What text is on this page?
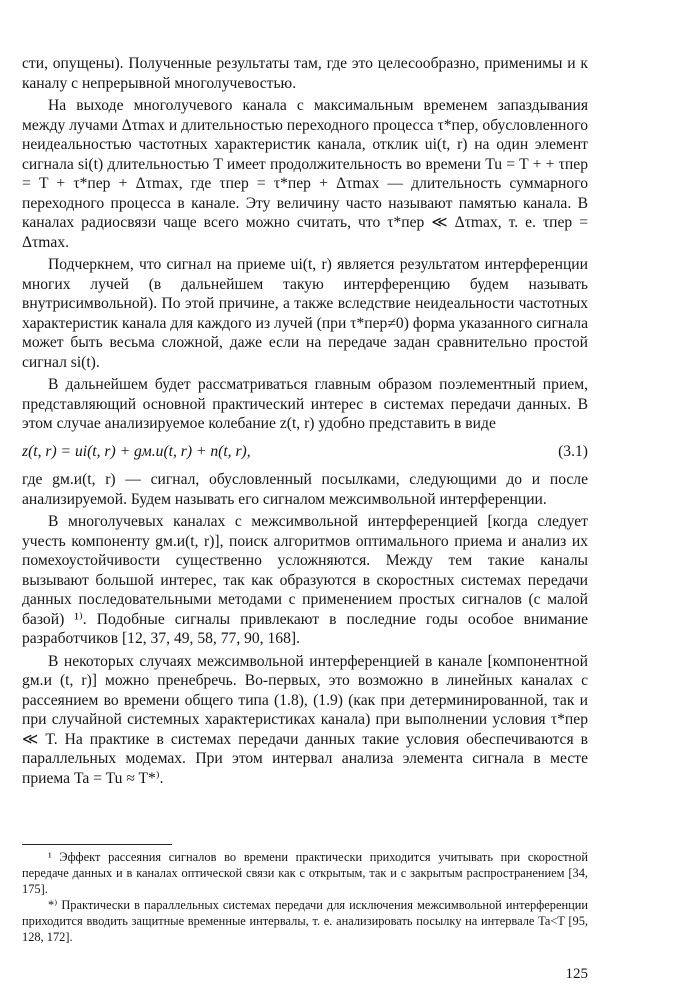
сти, опущены). Полученные результаты там, где это целесообразно, применимы и к каналу с непрерывной многолучевостью.

На выходе многолучевого канала с максимальным временем запаздывания между лучами Δτmax и длительностью переходного процесса τ*пер, обусловленного неидеальностью частотных характеристик канала, отклик ui(t, r) на один элемент сигнала si(t) длительностью T имеет продолжительность во времени Tu = T + + τпер = T + τ*пер + Δτmax, где τпер = τ*пер + Δτmax — длительность суммарного переходного процесса в канале. Эту величину часто называют памятью канала. В каналах радиосвязи чаще всего можно считать, что τ*пер ≪ Δτmax, т. е. τпер = Δτmax.

Подчеркнем, что сигнал на приеме ui(t, r) является результатом интерференции многих лучей (в дальнейшем такую интерференцию будем называть внутрисимвольной). По этой причине, а также вследствие неидеальности частотных характеристик канала для каждого из лучей (при τ*пер≠0) форма указанного сигнала может быть весьма сложной, даже если на передаче задан сравнительно простой сигнал si(t).

В дальнейшем будет рассматриваться главным образом поэлементный прием, представляющий основной практический интерес в системах передачи данных. В этом случае анализируемое колебание z(t, r) удобно представить в виде

z(t, r) = ui(t, r) + gм.и(t, r) + n(t, r),	(3.1)

где gм.и(t, r) — сигнал, обусловленный посылками, следующими до и после анализируемой. Будем называть его сигналом межсимвольной интерференции.

В многолучевых каналах с межсимвольной интерференцией [когда следует учесть компоненту gм.и(t, r)], поиск алгоритмов оптимального приема и анализ их помехоустойчивости существенно усложняются. Между тем такие каналы вызывают большой интерес, так как образуются в скоростных системах передачи данных последовательными методами с применением простых сигналов (с малой базой) ¹⁾. Подобные сигналы привлекают в последние годы особое внимание разработчиков [12, 37, 49, 58, 77, 90, 168].

В некоторых случаях межсимвольной интерференцией в канале [компонентной gм.и (t, r)] можно пренебречь. Во-первых, это возможно в линейных каналах с рассеянием во времени общего типа (1.8), (1.9) (как при детерминированной, так и при случайной системных характеристиках канала) при выполнении условия τ*пер ≪ T. На практике в системах передачи данных такие условия обеспечиваются в параллельных модемах. При этом интервал анализа элемента сигнала в месте приема Ta = Tu ≈ T*⁾.

¹ Эффект рассеяния сигналов во времени практически приходится учитывать при скоростной передаче данных и в каналах оптической связи как с открытым, так и с закрытым распространением [34, 175].

*⁾ Практически в параллельных системах передачи для исключения межсимвольной интерференции приходится вводить защитные временные интервалы, т. е. анализировать посылку на интервале Ta<T [95, 128, 172].

125
